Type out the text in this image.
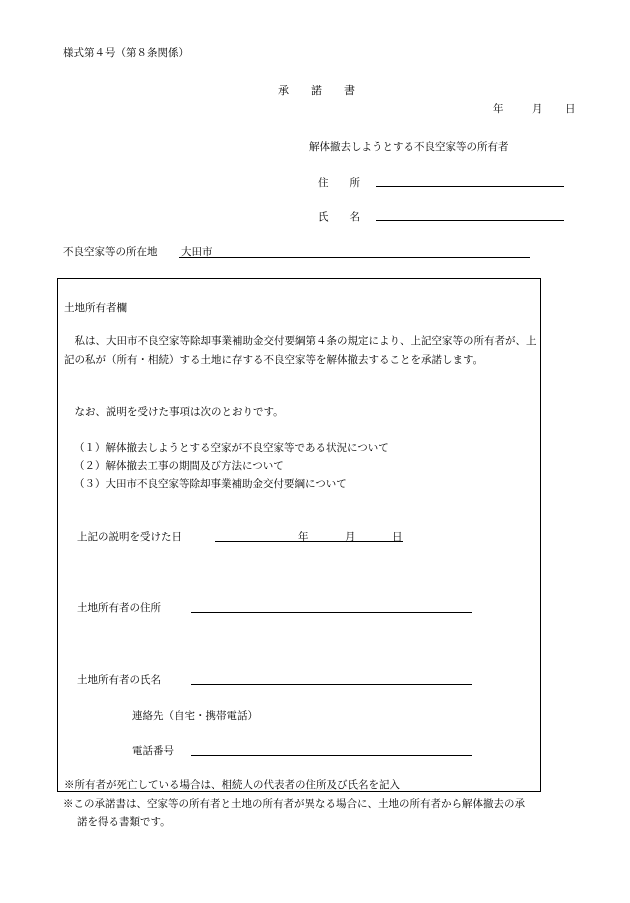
様式第４号（第８条関係）
承　　諾　　書
年	月 日
解体撤去しようとする不良空家等の所有者
住　　所
氏　　名
不良空家等の所在地 大田市
土地所有者欄
　私は、大田市不良空家等除却事業補助金交付要綱第４条の規定により、上記空家等の所有者が、上記の私が（所有・相続）する土地に存する不良空家等を解体撤去することを承諾します。
　なお、説明を受けた事項は次のとおりです。
（１）解体撤去しようとする空家が不良空家等である状況について
（２）解体撤去工事の期間及び方法について
（３）大田市不良空家等除却事業補助金交付要綱について
上記の説明を受けた日	年	月	日
土地所有者の住所
土地所有者の氏名
連絡先（自宅・携帯電話）
電話番号
※所有者が死亡している場合は、相続人の代表者の住所及び氏名を記入
※この承諾書は、空家等の所有者と土地の所有者が異なる場合に、土地の所有者から解体撤去の承
諾を得る書類です。
